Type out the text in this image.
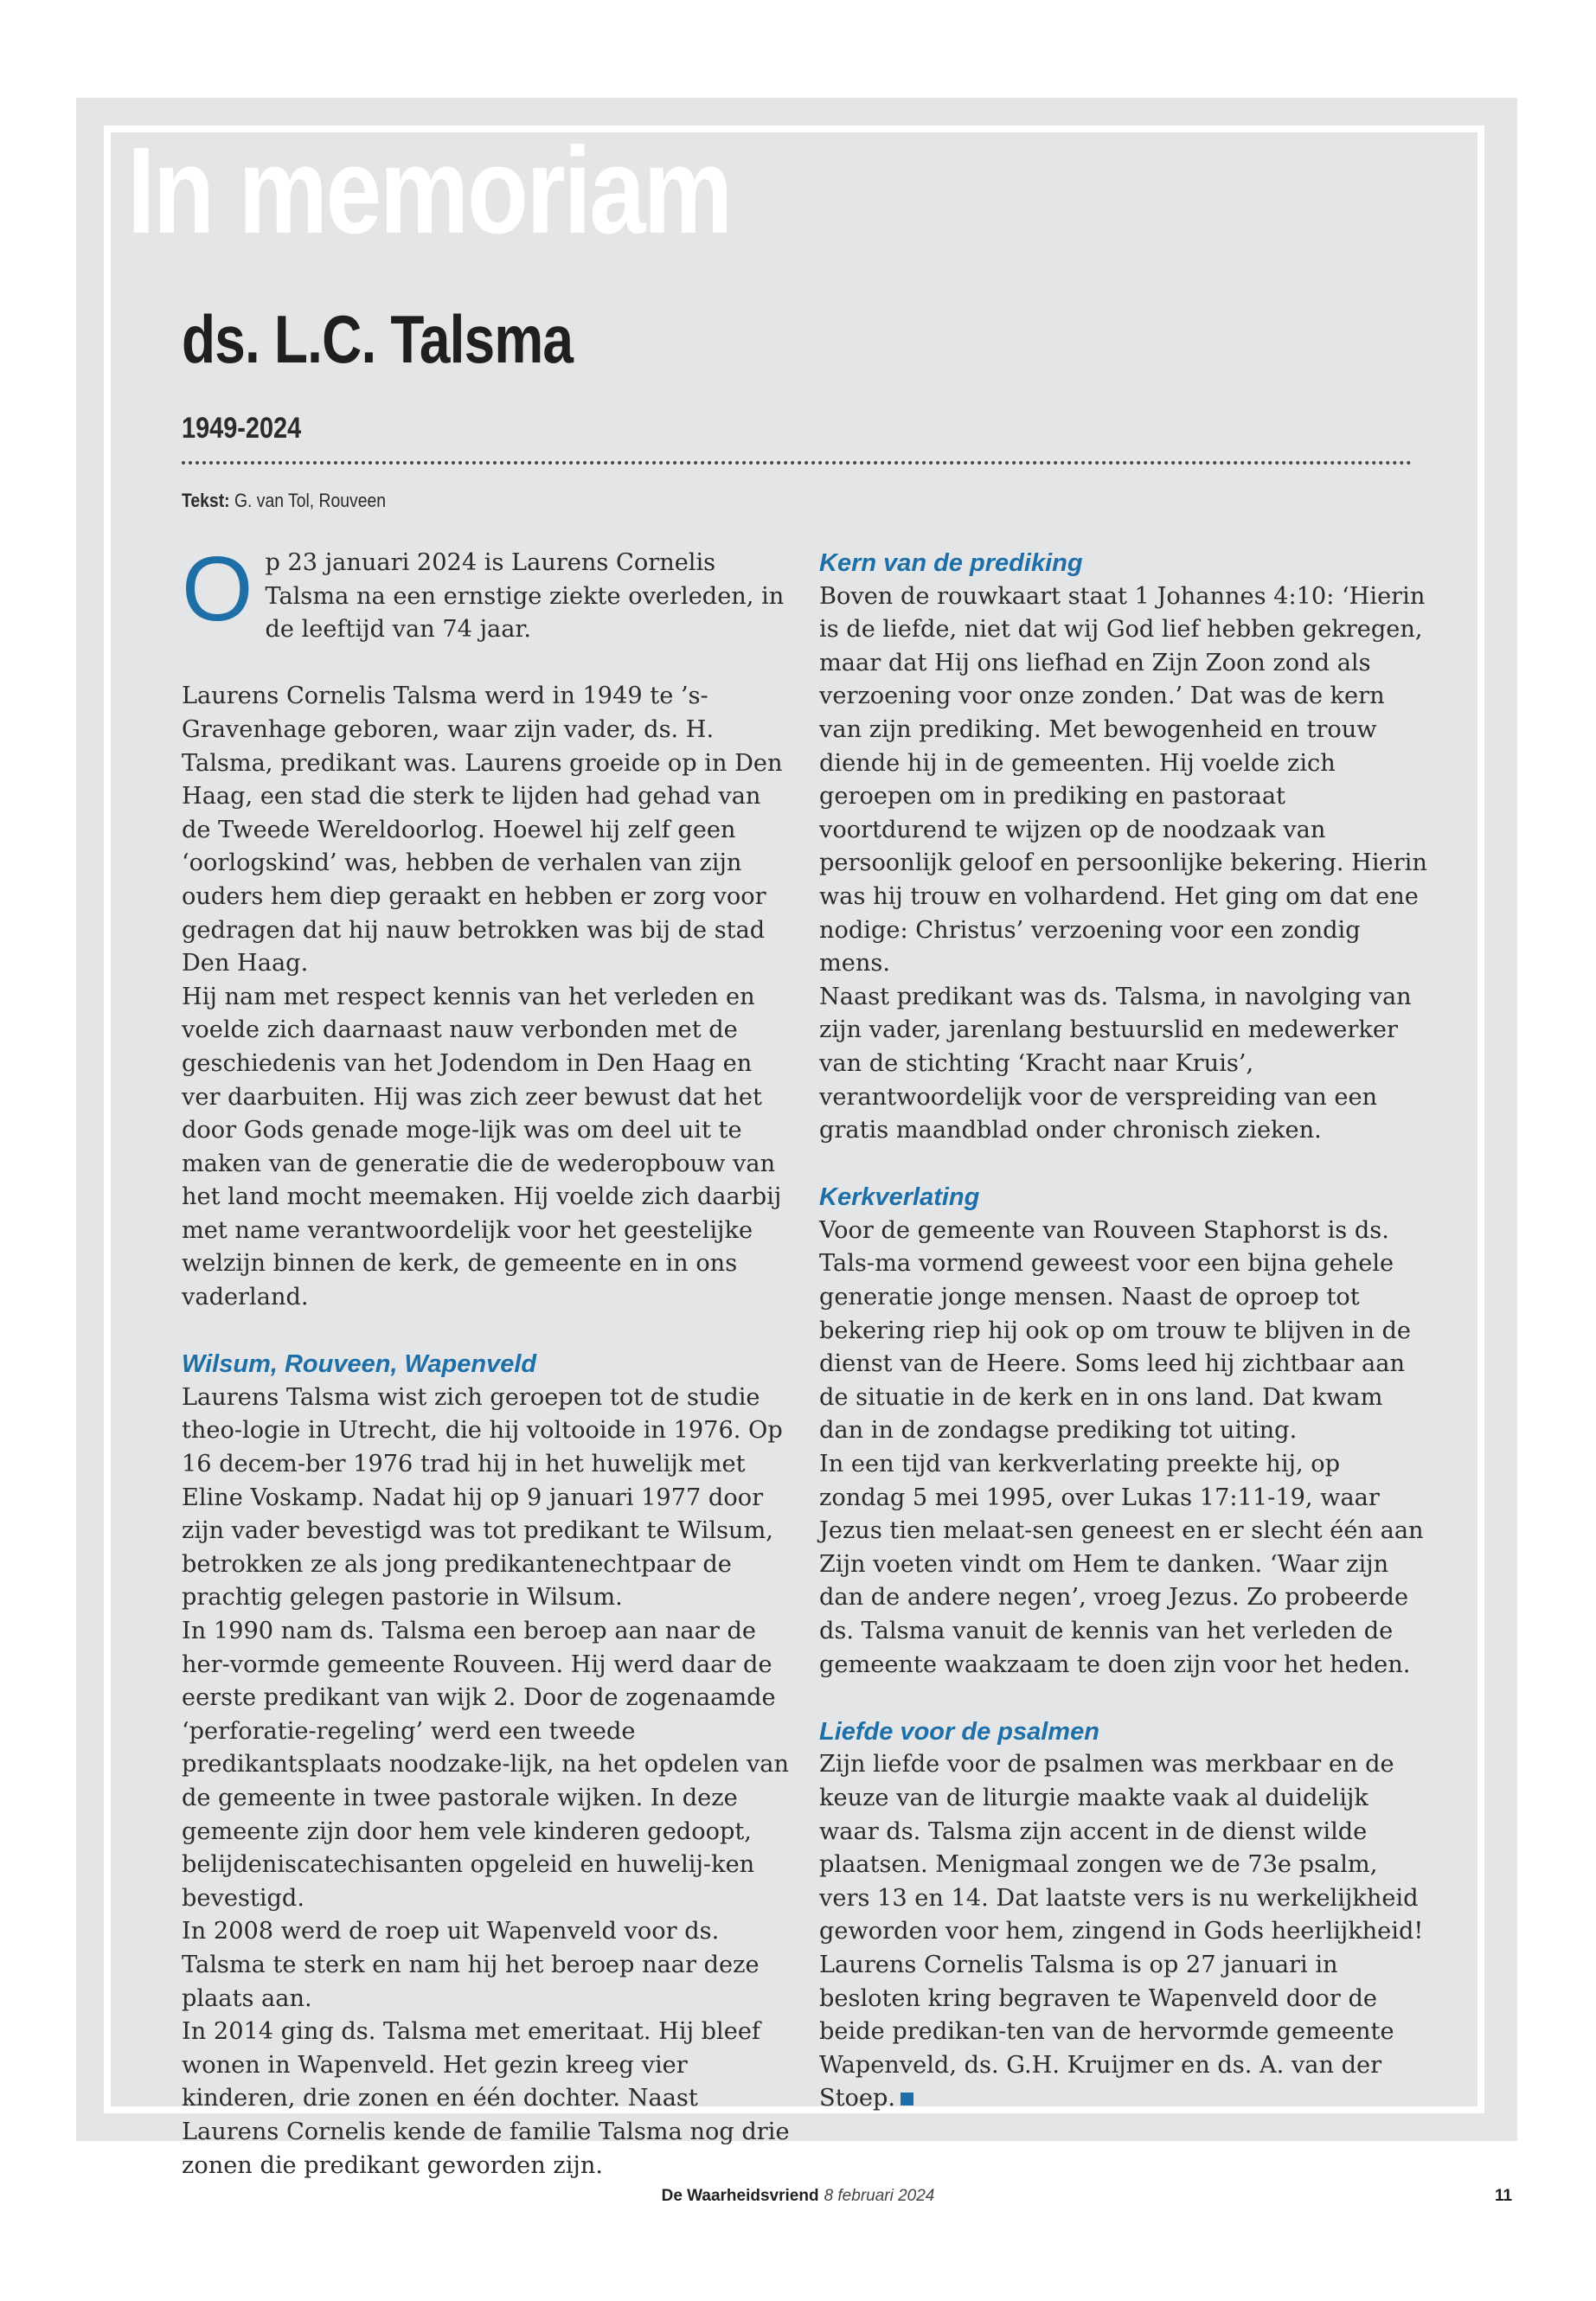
In memoriam
ds. L.C. Talsma
1949-2024
Tekst: G. van Tol, Rouveen

Op 23 januari 2024 is Laurens Cornelis Talsma na een ernstige ziekte overleden, in de leeftijd van 74 jaar.

Laurens Cornelis Talsma werd in 1949 te ’s-Gravenhage geboren, waar zijn vader, ds. H. Talsma, predikant was. Laurens groeide op in Den Haag, een stad die sterk te lijden had gehad van de Tweede Wereldoorlog. Hoewel hij zelf geen ‘oorlogskind’ was, hebben de verhalen van zijn ouders hem diep geraakt en hebben er zorg voor gedragen dat hij nauw betrokken was bij de stad Den Haag.

Hij nam met respect kennis van het verleden en voelde zich daarnaast nauw verbonden met de geschiedenis van het Jodendom in Den Haag en ver daarbuiten. Hij was zich zeer bewust dat het door Gods genade moge-lijk was om deel uit te maken van de generatie die de wederopbouw van het land mocht meemaken. Hij voelde zich daarbij met name verantwoordelijk voor het geestelijke welzijn binnen de kerk, de gemeente en in ons vaderland.

Wilsum, Rouveen, Wapenveld

Laurens Talsma wist zich geroepen tot de studie theo-logie in Utrecht, die hij voltooide in 1976. Op 16 decem-ber 1976 trad hij in het huwelijk met Eline Voskamp. Nadat hij op 9 januari 1977 door zijn vader bevestigd was tot predikant te Wilsum, betrokken ze als jong predikantenechtpaar de prachtig gelegen pastorie in Wilsum.

In 1990 nam ds. Talsma een beroep aan naar de her-vormde gemeente Rouveen. Hij werd daar de eerste predikant van wijk 2. Door de zogenaamde ‘perforatie-regeling’ werd een tweede predikantsplaats noodzake-lijk, na het opdelen van de gemeente in twee pastorale wijken. In deze gemeente zijn door hem vele kinderen gedoopt, belijdeniscatechisanten opgeleid en huwelij-ken bevestigd.

In 2008 werd de roep uit Wapenveld voor ds. Talsma te sterk en nam hij het beroep naar deze plaats aan.

In 2014 ging ds. Talsma met emeritaat. Hij bleef wonen in Wapenveld. Het gezin kreeg vier kinderen, drie zonen en één dochter. Naast Laurens Cornelis kende de familie Talsma nog drie zonen die predikant geworden zijn.

Kern van de prediking

Boven de rouwkaart staat 1 Johannes 4:10: ‘Hierin is de liefde, niet dat wij God lief hebben gekregen, maar dat Hij ons liefhad en Zijn Zoon zond als verzoening voor onze zonden.’ Dat was de kern van zijn prediking. Met bewogenheid en trouw diende hij in de gemeenten. Hij voelde zich geroepen om in prediking en pastoraat voortdurend te wijzen op de noodzaak van persoonlijk geloof en persoonlijke bekering. Hierin was hij trouw en volhardend. Het ging om dat ene nodige: Christus’ verzoening voor een zondig mens.

Naast predikant was ds. Talsma, in navolging van zijn vader, jarenlang bestuurslid en medewerker van de stichting ‘Kracht naar Kruis’, verantwoordelijk voor de verspreiding van een gratis maandblad onder chronisch zieken.

Kerkverlating

Voor de gemeente van Rouveen Staphorst is ds. Tals-ma vormend geweest voor een bijna gehele generatie jonge mensen. Naast de oproep tot bekering riep hij ook op om trouw te blijven in de dienst van de Heere. Soms leed hij zichtbaar aan de situatie in de kerk en in ons land. Dat kwam dan in de zondagse prediking tot uiting.

In een tijd van kerkverlating preekte hij, op zondag 5 mei 1995, over Lukas 17:11-19, waar Jezus tien melaat-sen geneest en er slecht één aan Zijn voeten vindt om Hem te danken. ‘Waar zijn dan de andere negen’, vroeg Jezus. Zo probeerde ds. Talsma vanuit de kennis van het verleden de gemeente waakzaam te doen zijn voor het heden.

Liefde voor de psalmen

Zijn liefde voor de psalmen was merkbaar en de keuze van de liturgie maakte vaak al duidelijk waar ds. Talsma zijn accent in de dienst wilde plaatsen. Menigmaal zongen we de 73e psalm, vers 13 en 14. Dat laatste vers is nu werkelijkheid geworden voor hem, zingend in Gods heerlijkheid!

Laurens Cornelis Talsma is op 27 januari in besloten kring begraven te Wapenveld door de beide predikan-ten van de hervormde gemeente Wapenveld, ds. G.H. Kruijmer en ds. A. van der Stoep.

De Waarheidsvriend 8 februari 2024	11
